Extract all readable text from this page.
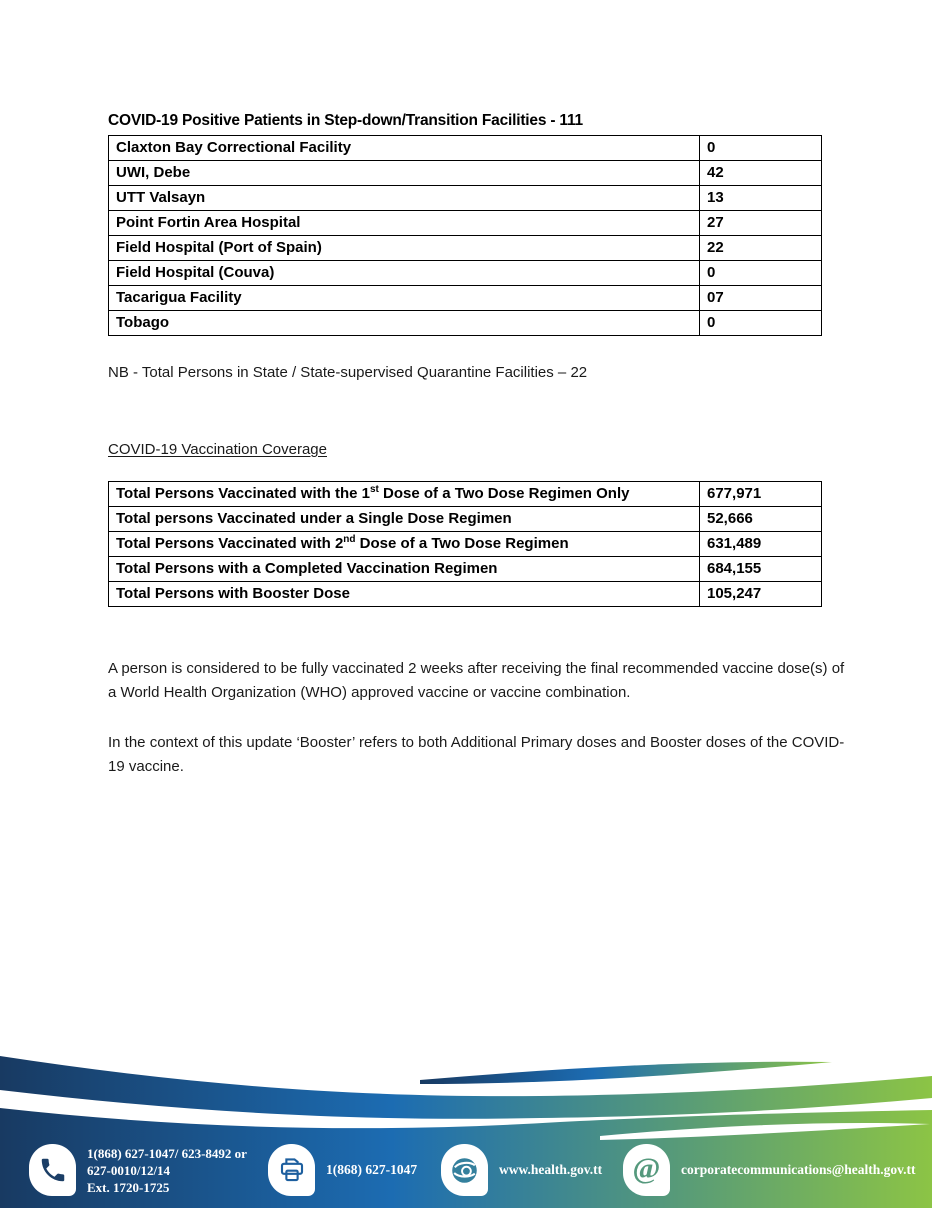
COVID-19 Positive Patients in Step-down/Transition Facilities - 111
Claxton Bay Correctional Facility	0
UWI, Debe	42
UTT Valsayn	13
Point Fortin Area Hospital	27
Field Hospital (Port of Spain)	22
Field Hospital (Couva)	0
Tacarigua Facility	07
Tobago	0
NB - Total Persons in State / State-supervised Quarantine Facilities – 22
COVID-19 Vaccination Coverage
Total Persons Vaccinated with the 1st Dose of a Two Dose Regimen Only	677,971
Total persons Vaccinated under a Single Dose Regimen	52,666
Total Persons Vaccinated with 2nd Dose of a Two Dose Regimen	631,489
Total Persons with a Completed Vaccination Regimen	684,155
Total Persons with Booster Dose	105,247

A person is considered to be fully vaccinated 2 weeks after receiving the final recommended vaccine dose(s) of a World Health Organization (WHO) approved vaccine or vaccine combination.

In the context of this update ‘Booster’ refers to both Additional Primary doses and Booster doses of the COVID-19 vaccine.

1(868) 627-1047/ 623-8492 or
627-0010/12/14
Ext. 1720-1725
1(868) 627-1047	www.health.gov.tt @ corporatecommunications@health.gov.tt
